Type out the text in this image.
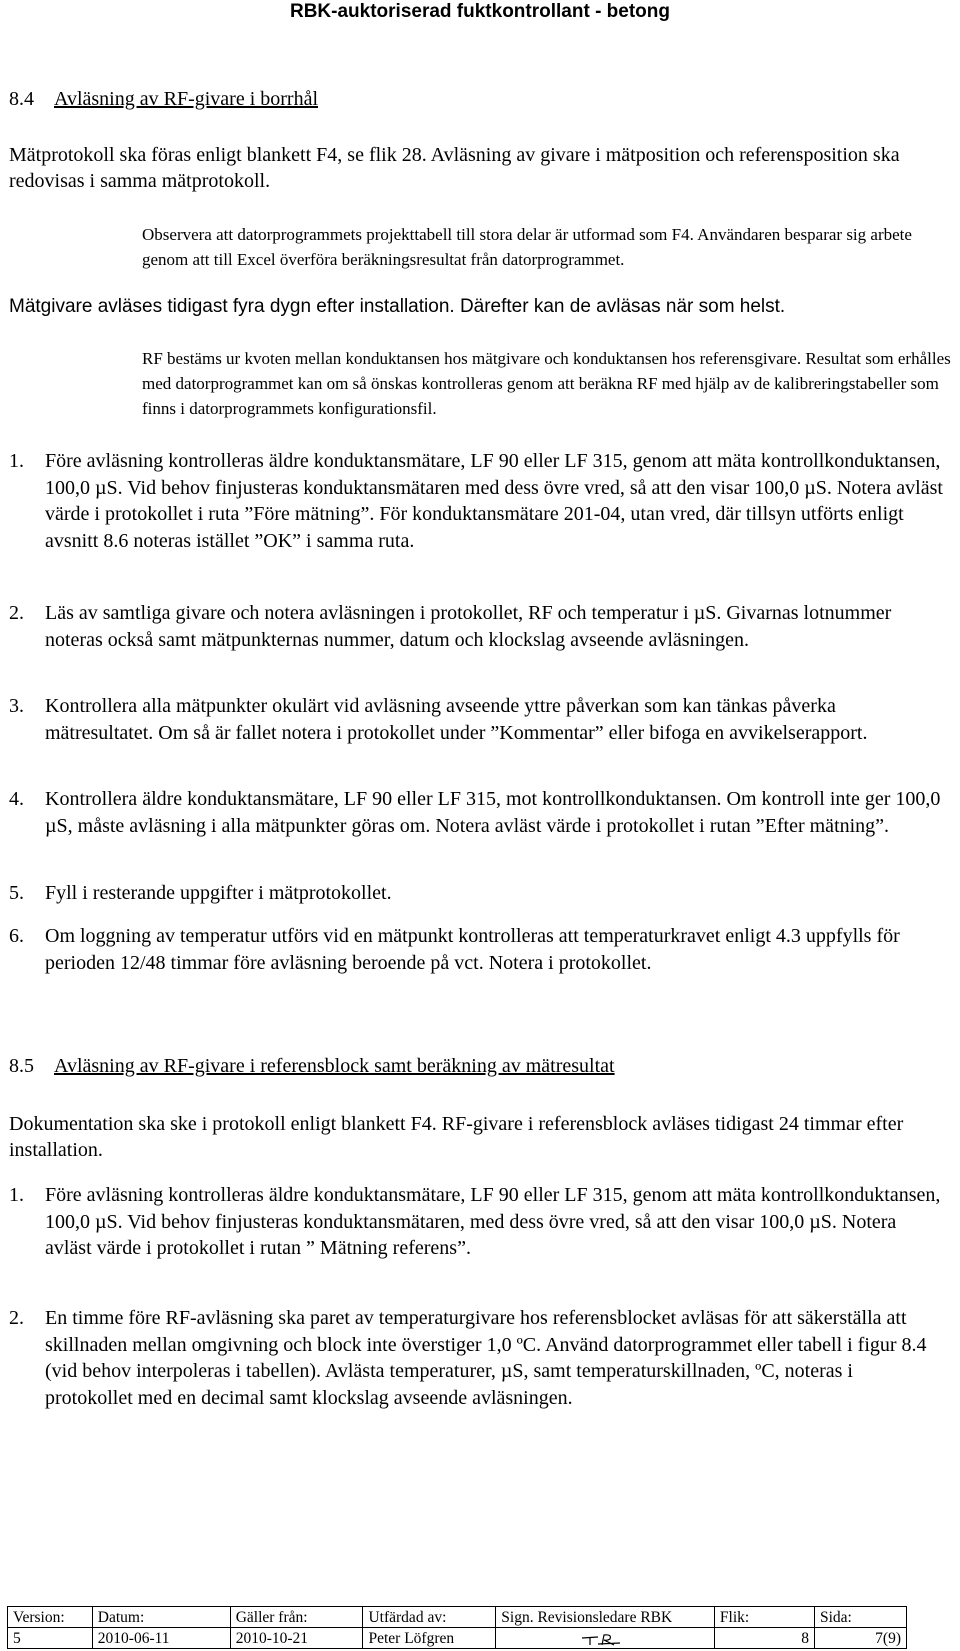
RBK-auktoriserad fuktkontrollant - betong
8.4 Avläsning av RF-givare i borrhål
Mätprotokoll ska föras enligt blankett F4, se flik 28. Avläsning av givare i mätposition och referensposition ska redovisas i samma mätprotokoll.
Observera att datorprogrammets projekttabell till stora delar är utformad som F4. Användaren besparar sig arbete genom att till Excel överföra beräkningsresultat från datorprogrammet.
Mätgivare avläses tidigast fyra dygn efter installation. Därefter kan de avläsas när som helst.
RF bestäms ur kvoten mellan konduktansen hos mätgivare och konduktansen hos referensgivare. Resultat som erhålles med datorprogrammet kan om så önskas kontrolleras genom att beräkna RF med hjälp av de kalibreringstabeller som finns i datorprogrammets konfigurationsfil.
1. Före avläsning kontrolleras äldre konduktansmätare, LF 90 eller LF 315, genom att mäta kontrollkonduktansen, 100,0 µS. Vid behov finjusteras konduktansmätaren med dess övre vred, så att den visar 100,0 µS. Notera avläst värde i protokollet i ruta ”Före mätning”. För konduktansmätare 201-04, utan vred, där tillsyn utförts enligt avsnitt 8.6 noteras istället ”OK” i samma ruta.
2. Läs av samtliga givare och notera avläsningen i protokollet, RF och temperatur i µS. Givarnas lotnummer noteras också samt mätpunkternas nummer, datum och klockslag avseende avläsningen.
3. Kontrollera alla mätpunkter okulärt vid avläsning avseende yttre påverkan som kan tänkas påverka mätresultatet. Om så är fallet notera i protokollet under ”Kommentar” eller bifoga en avvikelserapport.
4. Kontrollera äldre konduktansmätare, LF 90 eller LF 315, mot kontrollkonduktansen. Om kontroll inte ger 100,0 µS, måste avläsning i alla mätpunkter göras om. Notera avläst värde i protokollet i rutan ”Efter mätning”.
5. Fyll i resterande uppgifter i mätprotokollet.
6. Om loggning av temperatur utförs vid en mätpunkt kontrolleras att temperaturkravet enligt 4.3 uppfylls för perioden 12/48 timmar före avläsning beroende på vct. Notera i protokollet.
8.5 Avläsning av RF-givare i referensblock samt beräkning av mätresultat
Dokumentation ska ske i protokoll enligt blankett F4. RF-givare i referensblock avläses tidigast 24 timmar efter installation.
1. Före avläsning kontrolleras äldre konduktansmätare, LF 90 eller LF 315, genom att mäta kontrollkonduktansen, 100,0 µS. Vid behov finjusteras konduktansmätaren, med dess övre vred, så att den visar 100,0 µS. Notera avläst värde i protokollet i rutan ” Mätning referens”.
2. En timme före RF-avläsning ska paret av temperaturgivare hos referensblocket avläsas för att säkerställa att skillnaden mellan omgivning och block inte överstiger 1,0 ºC. Använd datorprogrammet eller tabell i figur 8.4 (vid behov interpoleras i tabellen). Avlästa temperaturer, µS, samt temperaturskillnaden, ºC, noteras i protokollet med en decimal samt klockslag avseende avläsningen.
Version:	Datum:	Gäller från:	Utfärdad av:	Sign. Revisionsledare RBK	Flik:	Sida:
5	2010-06-11	2010-10-21	Peter Löfgren		8	7(9)
